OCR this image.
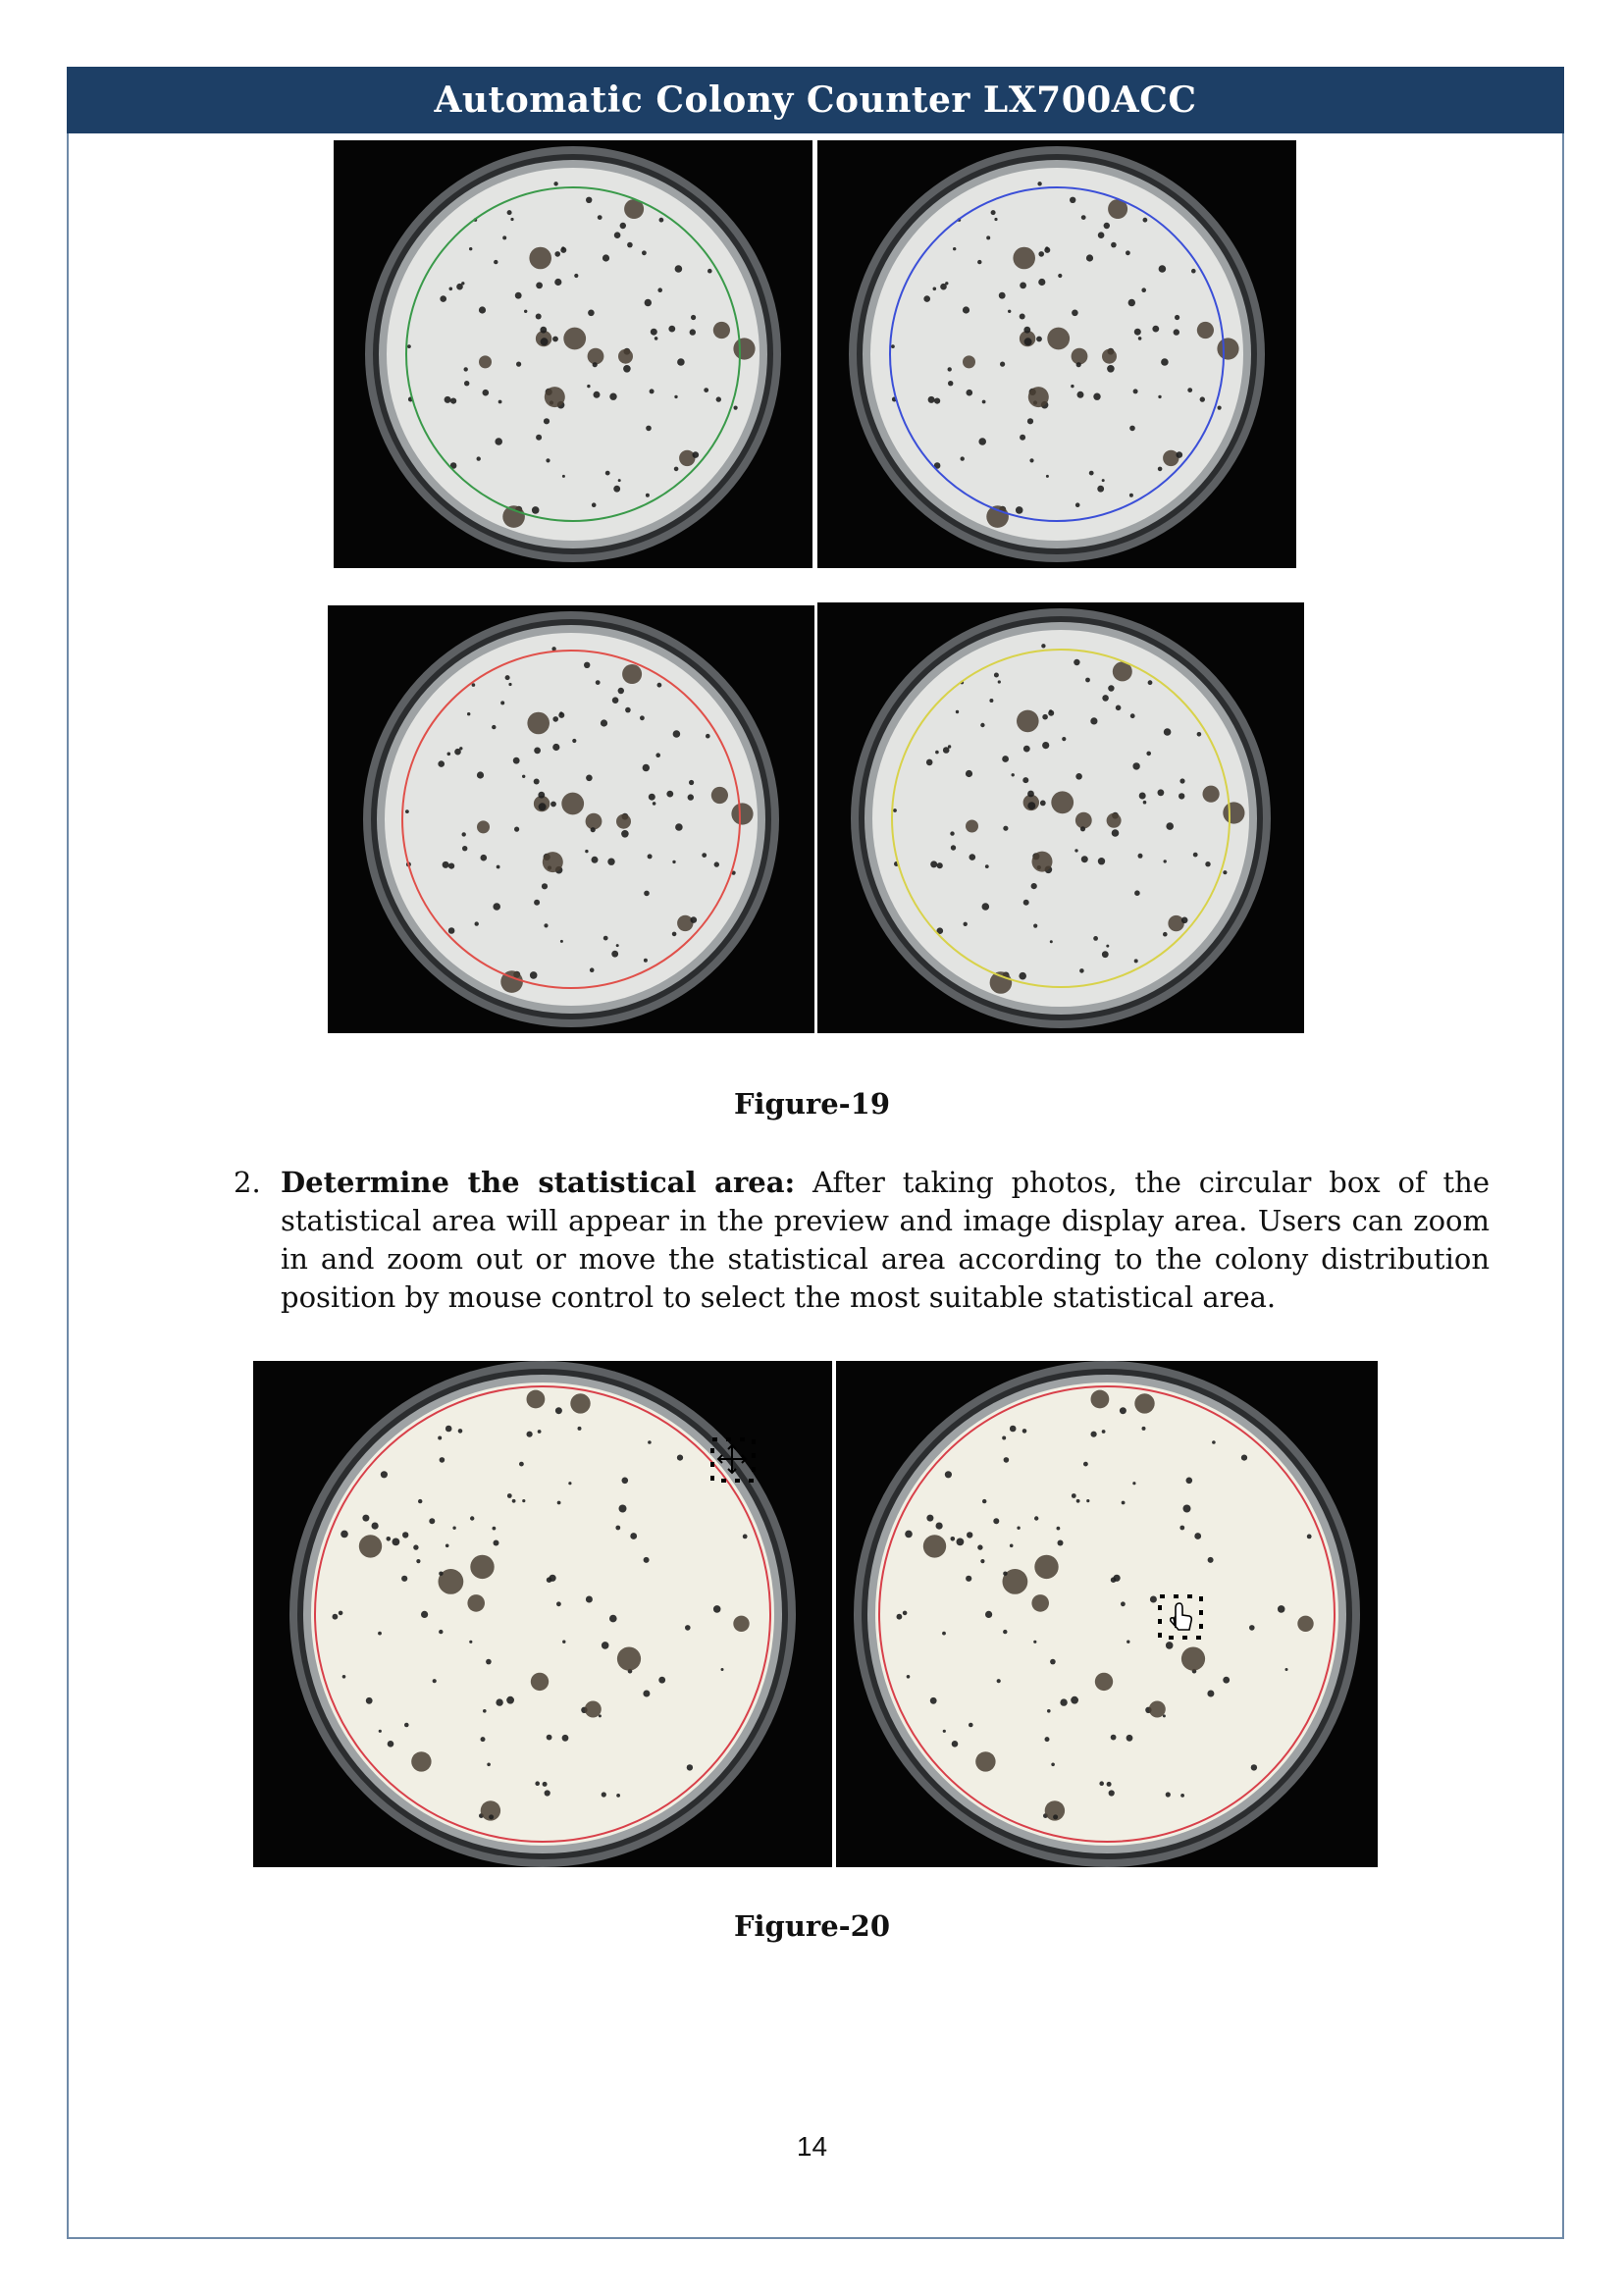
Automatic Colony Counter LX700ACC
Figure-19
2. Determine the statistical area: After taking photos, the circular box of the statistical area will appear in the preview and image display area. Users can zoom in and zoom out or move the statistical area according to the colony distribution position by mouse control to select the most suitable statistical area.
Figure-20
14
